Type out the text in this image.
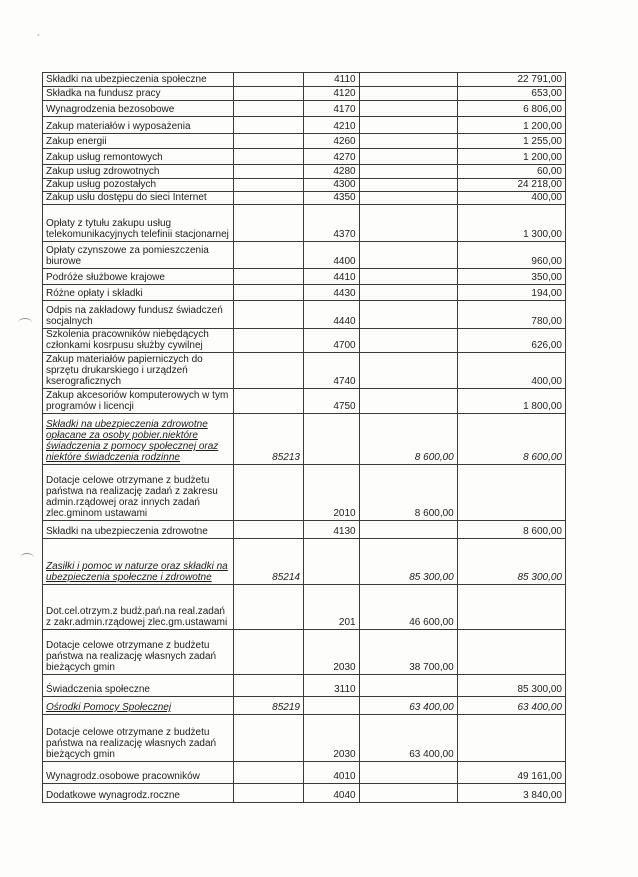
°
Składki na ubezpieczenia społeczne		4110		22 791,00
Składka na fundusz pracy		4120		653,00
Wynagrodzenia bezosobowe		4170		6 806,00
Zakup materiałów i wyposażenia		4210		1 200,00
Zakup energii		4260		1 255,00
Zakup usług remontowych		4270		1 200,00
Zakup usług zdrowotnych		4280		60,00
Zakup usług pozostałych		4300		24 218,00
Zakup usłu dostępu do sieci Internet		4350		400,00
Opłaty z tytułu zakupu usług telekomunikacyjnych telefinii stacjonarnej		4370		1 300,00
Opłaty czynszowe za pomieszczenia biurowe		4400		960,00
Podróże służbowe krajowe		4410		350,00
Różne opłaty i składki		4430		194,00
Odpis na zakładowy fundusz świadczeń socjalnych		4440		780,00
Szkolenia pracowników niebędących członkami kosrpusu służby cywilnej		4700		626,00
Zakup materiałów papierniczych do sprzętu drukarskiego i urządzeń kserograficznych		4740		400,00
Zakup akcesoriów komputerowych w tym programów i licencji		4750		1 800,00
Składki na ubezpieczenia zdrowotne opłacane za osoby pobier.niektóre świadczenia z pomocy społecznej oraz niektóre świadczenia rodzinne	85213		8 600,00	8 600,00
Dotacje celowe otrzymane z budżetu państwa na realizację zadań z zakresu admin.rządowej oraz innych zadań zlec.gminom ustawami		2010	8 600,00	
Składki na ubezpieczenia zdrowotne		4130		8 600,00
Zasiłki i pomoc w naturze oraz składki na ubezpieczenia społeczne i zdrowotne	85214		85 300,00	85 300,00
Dot.cel.otrzym.z budż.pań.na real.zadań z zakr.admin.rządowej zlec.gm.ustawami		201	46 600,00	
Dotacje celowe otrzymane z budżetu państwa na realizację własnych zadań bieżących gmin		2030	38 700,00	
Świadczenia społeczne		3110		85 300,00
Ośrodki Pomocy Społecznej	85219		63 400,00	63 400,00
Dotacje celowe otrzymane z budżetu państwa na realizację własnych zadań bieżących gmin		2030	63 400,00	
Wynagrodz.osobowe pracowników		4010		49 161,00
Dodatkowe wynagrodz.roczne		4040		3 840,00
